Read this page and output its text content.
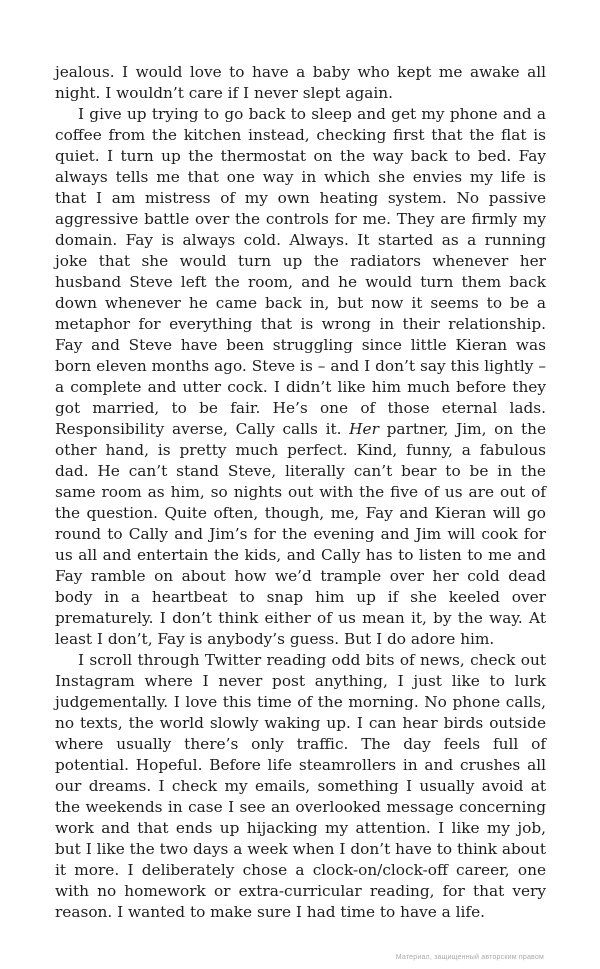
jealous. I would love to have a baby who kept me awake all night. I wouldn’t care if I never slept again.

I give up trying to go back to sleep and get my phone and a coffee from the kitchen instead, checking first that the flat is quiet. I turn up the thermostat on the way back to bed. Fay always tells me that one way in which she envies my life is that I am mistress of my own heating system. No passive aggressive battle over the controls for me. They are firmly my domain. Fay is always cold. Always. It started as a running joke that she would turn up the radiators whenever her husband Steve left the room, and he would turn them back down whenever he came back in, but now it seems to be a metaphor for everything that is wrong in their relationship. Fay and Steve have been struggling since little Kieran was born eleven months ago. Steve is – and I don’t say this lightly – a complete and utter cock. I didn’t like him much before they got married, to be fair. He’s one of those eternal lads. Responsibility averse, Cally calls it. Her partner, Jim, on the other hand, is pretty much perfect. Kind, funny, a fabulous dad. He can’t stand Steve, literally can’t bear to be in the same room as him, so nights out with the five of us are out of the question. Quite often, though, me, Fay and Kieran will go round to Cally and Jim’s for the evening and Jim will cook for us all and entertain the kids, and Cally has to listen to me and Fay ramble on about how we’d trample over her cold dead body in a heartbeat to snap him up if she keeled over prematurely. I don’t think either of us mean it, by the way. At least I don’t, Fay is anybody’s guess. But I do adore him.

I scroll through Twitter reading odd bits of news, check out Instagram where I never post anything, I just like to lurk judgementally. I love this time of the morning. No phone calls, no texts, the world slowly waking up. I can hear birds outside where usually there’s only traffic. The day feels full of potential. Hopeful. Before life steamrollers in and crushes all our dreams. I check my emails, something I usually avoid at the weekends in case I see an overlooked message concerning work and that ends up hijacking my attention. I like my job, but I like the two days a week when I don’t have to think about it more. I deliberately chose a clock-on/clock-off career, one with no homework or extra-curricular reading, for that very reason. I wanted to make sure I had time to have a life.

Материал, защищенный авторским правом
